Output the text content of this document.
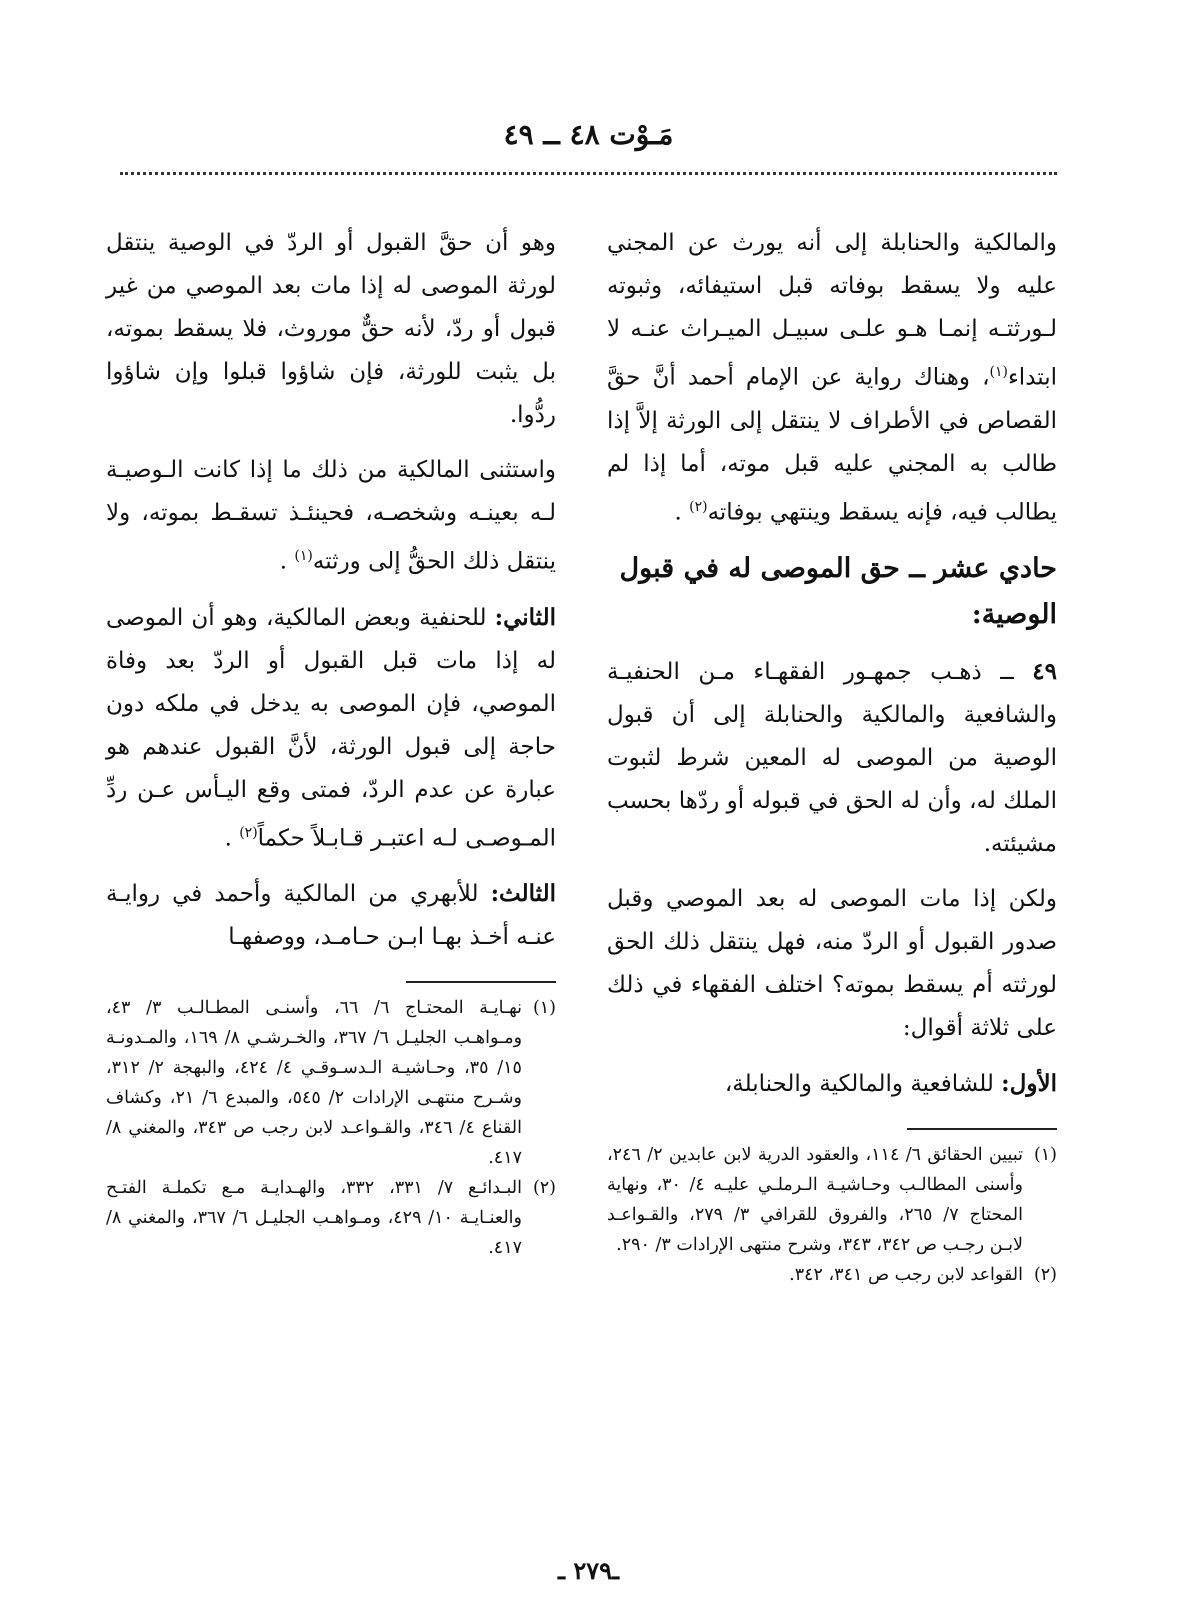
مَـوْت ٤٨ ــ ٤٩

والمالكية والحنابلة إلى أنه يورث عن المجني عليه ولا يسقط بوفاته قبل استيفائه، وثبوته لـورثتـه إنمـا هـو علـى سبيـل الميـراث عنـه لا ابتداء$^{(١)}$، وهناك رواية عن الإمام أحمد أنَّ حقَّ القصاص في الأطراف لا ينتقل إلى الورثة إلاَّ إذا طالب به المجني عليه قبل موته، أما إذا لم يطالب فيه، فإنه يسقط وينتهي بوفاته$^{(٢)}$ .

حادي عشر ــ حق الموصى له في قبول الوصية:

٤٩ ــ ذهـب جمهـور الفقهـاء مـن الحنفيـة والشافعية والمالكية والحنابلة إلى أن قبول الوصية من الموصى له المعين شرط لثبوت الملك له، وأن له الحق في قبوله أو ردّها بحسب مشيئته.

ولكن إذا مات الموصى له بعد الموصي وقبل صدور القبول أو الردّ منه، فهل ينتقل ذلك الحق لورثته أم يسقط بموته؟ اختلف الفقهاء في ذلك على ثلاثة أقوال:

الأول: للشافعية والمالكية والحنابلة،

(١)
تبيين الحقائق ٦/ ١١٤، والعقود الدرية لابن عابدين ٢/ ٢٤٦، وأسنى المطالـب وحـاشيـة الـرملـي عليـه ٤/ ٣٠، ونهاية المحتاج ٧/ ٢٦٥، والفروق للقرافي ٣/ ٢٧٩، والقـواعـد لابـن رجـب ص ٣٤٢، ٣٤٣، وشرح منتهى الإرادات ٣/ ٢٩٠.

(٢)
القواعد لابن رجب ص ٣٤١، ٣٤٢.

وهو أن حقَّ القبول أو الردّ في الوصية ينتقل لورثة الموصى له إذا مات بعد الموصي من غير قبول أو ردّ، لأنه حقٌّ موروث، فلا يسقط بموته، بل يثبت للورثة، فإن شاؤوا قبلوا وإن شاؤوا ردُّوا.

واستثنى المالكية من ذلك ما إذا كانت الـوصيـة لـه بعينـه وشخصـه، فحينئـذ تسقـط بموته، ولا ينتقل ذلك الحقُّ إلى ورثته$^{(١)}$ .

الثاني: للحنفية وبعض المالكية، وهو أن الموصى له إذا مات قبل القبول أو الردّ بعد وفاة الموصي، فإن الموصى به يدخل في ملكه دون حاجة إلى قبول الورثة، لأنَّ القبول عندهم هو عبارة عن عدم الردّ، فمتى وقع اليـأس عـن ردِّ المـوصـى لـه اعتبـر قـابـلاً حكماً$^{(٢)}$ .

الثالث: للأبهري من المالكية وأحمد في روايـة عنـه أخـذ بهـا ابـن حـامـد، ووصفهـا

(١)
نهـايـة المحتـاج ٦/ ٦٦، وأسنـى المطـالـب ٣/ ٤٣، ومـواهـب الجليـل ٦/ ٣٦٧، والخـرشـي ٨/ ١٦٩، والمـدونـة ١٥/ ٣٥، وحـاشيـة الـدسـوقـي ٤/ ٤٢٤، والبهجة ٢/ ٣١٢، وشـرح منتهـى الإرادات ٢/ ٥٤٥، والمبدع ٦/ ٢١، وكشاف القناع ٤/ ٣٤٦، والقـواعـد لابن رجب ص ٣٤٣، والمغني ٨/ ٤١٧.

(٢)
البـدائـع ٧/ ٣٣١، ٣٣٢، والهـدايـة مـع تكملـة الفتـح والعنـايـة ١٠/ ٤٢٩، ومـواهـب الجليـل ٦/ ٣٦٧، والمغني ٨/ ٤١٧.

ـ٢٧٩ ـ
